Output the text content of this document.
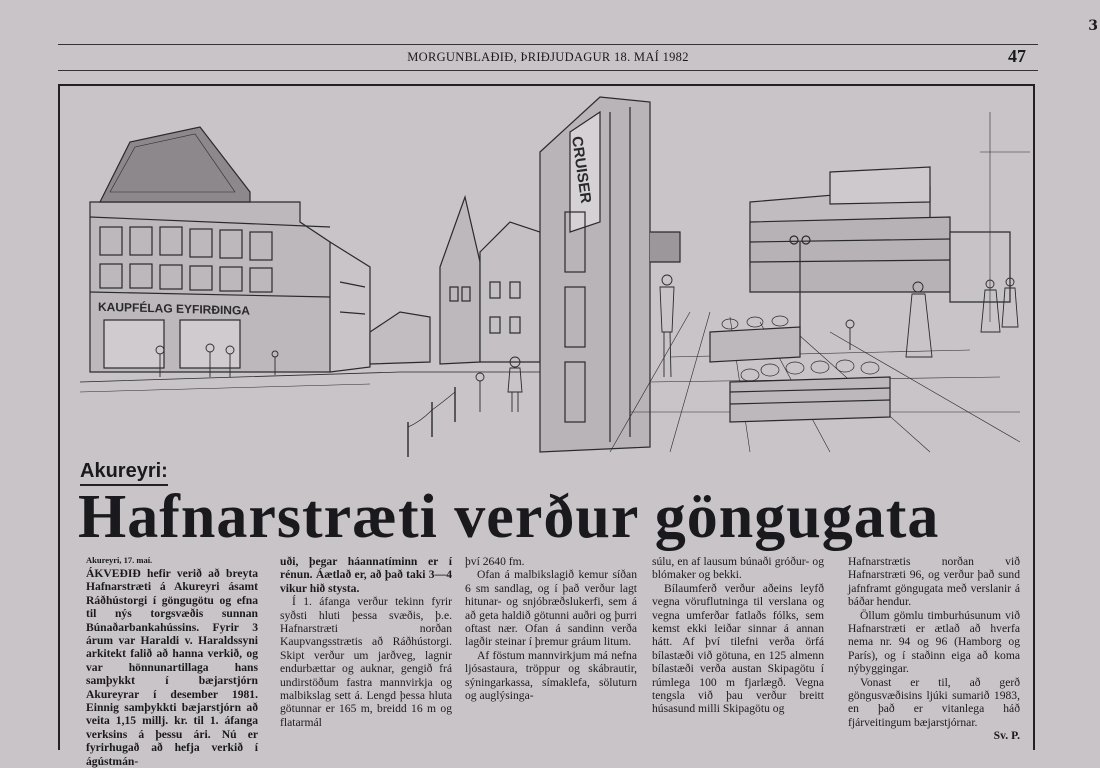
MORGUNBLAÐIÐ, ÞRIÐJUDAGUR 18. MAÍ 1982	47
3
KAUPFÉLAG EYFIRÐINGA
CRUISER
Akureyri:
Hafnarstræti verður göngugata

Akureyri, 17. maí.

ÁKVEÐIÐ hefir verið að breyta Hafnarstræti á Akureyri ásamt Ráðhústorgi í göngugötu og efna til nýs torgsvæðis sunnan Búnaðarbankahússins. Fyrir 3 árum var Haraldi v. Haraldssyni arkitekt falið að hanna verkið, og var hönnunartillaga hans samþykkt í bæjarstjórn Akureyrar í desember 1981. Einnig samþykkti bæjarstjórn að veita 1,15 millj. kr. til 1. áfanga verksins á þessu ári. Nú er fyrirhugað að hefja verkið í ágústmán-

uði, þegar háannatíminn er í rénun. Áætlað er, að það taki 3—4 vikur hið stysta.

Í 1. áfanga verður tekinn fyrir syðsti hluti þessa svæðis, þ.e. Hafnarstræti norðan Kaupvangsstrætis að Ráðhústorgi. Skipt verður um jarðveg, lagnir endurbættar og auknar, gengið frá undirstöðum fastra mannvirkja og malbikslag sett á. Lengd þessa hluta götunnar er 165 m, breidd 16 m og flatarmál

því 2640 fm.

Ofan á malbikslagið kemur síðan 6 sm sandlag, og í það verður lagt hitunar- og snjóbræðslukerfi, sem á að geta haldið götunni auðri og þurri oftast nær. Ofan á sandinn verða lagðir steinar í þremur gráum litum.

Af föstum mannvirkjum má nefna ljósastaura, tröppur og skábrautir, sýningarkassa, símaklefa, söluturn og auglýsinga-

súlu, en af lausum búnaði gróður- og blómaker og bekki.

Bílaumferð verður aðeins leyfð vegna vöruflutninga til verslana og vegna umferðar fatlaðs fólks, sem kemst ekki leiðar sinnar á annan hátt. Af því tilefni verða örfá bílastæði við götuna, en 125 almenn bílastæði verða austan Skipagötu í rúmlega 100 m fjarlægð. Vegna tengsla við þau verður breitt húsasund milli Skipagötu og

Hafnarstrætis norðan við Hafnarstræti 96, og verður það sund jafnframt göngugata með verslanir á báðar hendur.

Öllum gömlu timburhúsunum við Hafnarstræti er ætlað að hverfa nema nr. 94 og 96 (Hamborg og París), og í staðinn eiga að koma nýbyggingar.

Vonast er til, að gerð göngusvæðisins ljúki sumarið 1983, en það er vitanlega háð fjárveitingum bæjarstjórnar.

Sv. P.
